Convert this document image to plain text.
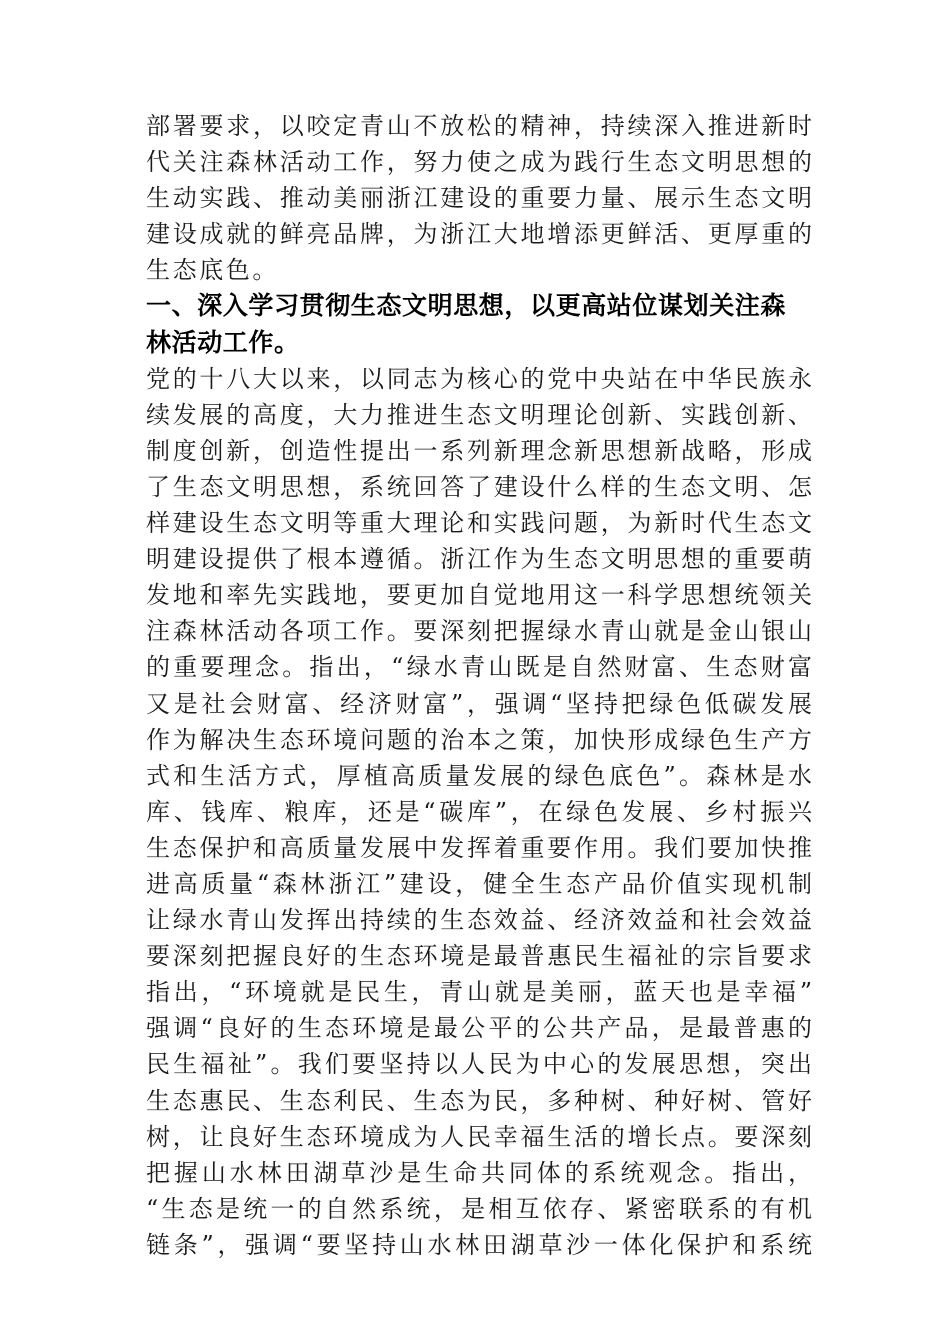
部署要求，以咬定青山不放松的精神，持续深入推进新时
代关注森林活动工作，努力使之成为践行生态文明思想的
生动实践、推动美丽浙江建设的重要力量、展示生态文明
建设成就的鲜亮品牌，为浙江大地增添更鲜活、更厚重的
生态底色。
一、深入学习贯彻生态文明思想，以更高站位谋划关注森
林活动工作。
党的十八大以来，以同志为核心的党中央站在中华民族永
续发展的高度，大力推进生态文明理论创新、实践创新、
制度创新，创造性提出一系列新理念新思想新战略，形成
了生态文明思想，系统回答了建设什么样的生态文明、怎
样建设生态文明等重大理论和实践问题，为新时代生态文
明建设提供了根本遵循。浙江作为生态文明思想的重要萌
发地和率先实践地，要更加自觉地用这一科学思想统领关
注森林活动各项工作。要深刻把握绿水青山就是金山银山
的重要理念。指出，“绿水青山既是自然财富、生态财富
又是社会财富、经济财富”，强调“坚持把绿色低碳发展
作为解决生态环境问题的治本之策，加快形成绿色生产方
式和生活方式，厚植高质量发展的绿色底色”。森林是水
库、钱库、粮库，还是“碳库”，在绿色发展、乡村振兴
生态保护和高质量发展中发挥着重要作用。我们要加快推
进高质量“森林浙江”建设，健全生态产品价值实现机制
让绿水青山发挥出持续的生态效益、经济效益和社会效益
要深刻把握良好的生态环境是最普惠民生福祉的宗旨要求
指出，“环境就是民生，青山就是美丽，蓝天也是幸福”
强调“良好的生态环境是最公平的公共产品，是最普惠的
民生福祉”。我们要坚持以人民为中心的发展思想，突出
生态惠民、生态利民、生态为民，多种树、种好树、管好
树，让良好生态环境成为人民幸福生活的增长点。要深刻
把握山水林田湖草沙是生命共同体的系统观念。指出，
“生态是统一的自然系统，是相互依存、紧密联系的有机
链条”，强调“要坚持山水林田湖草沙一体化保护和系统
